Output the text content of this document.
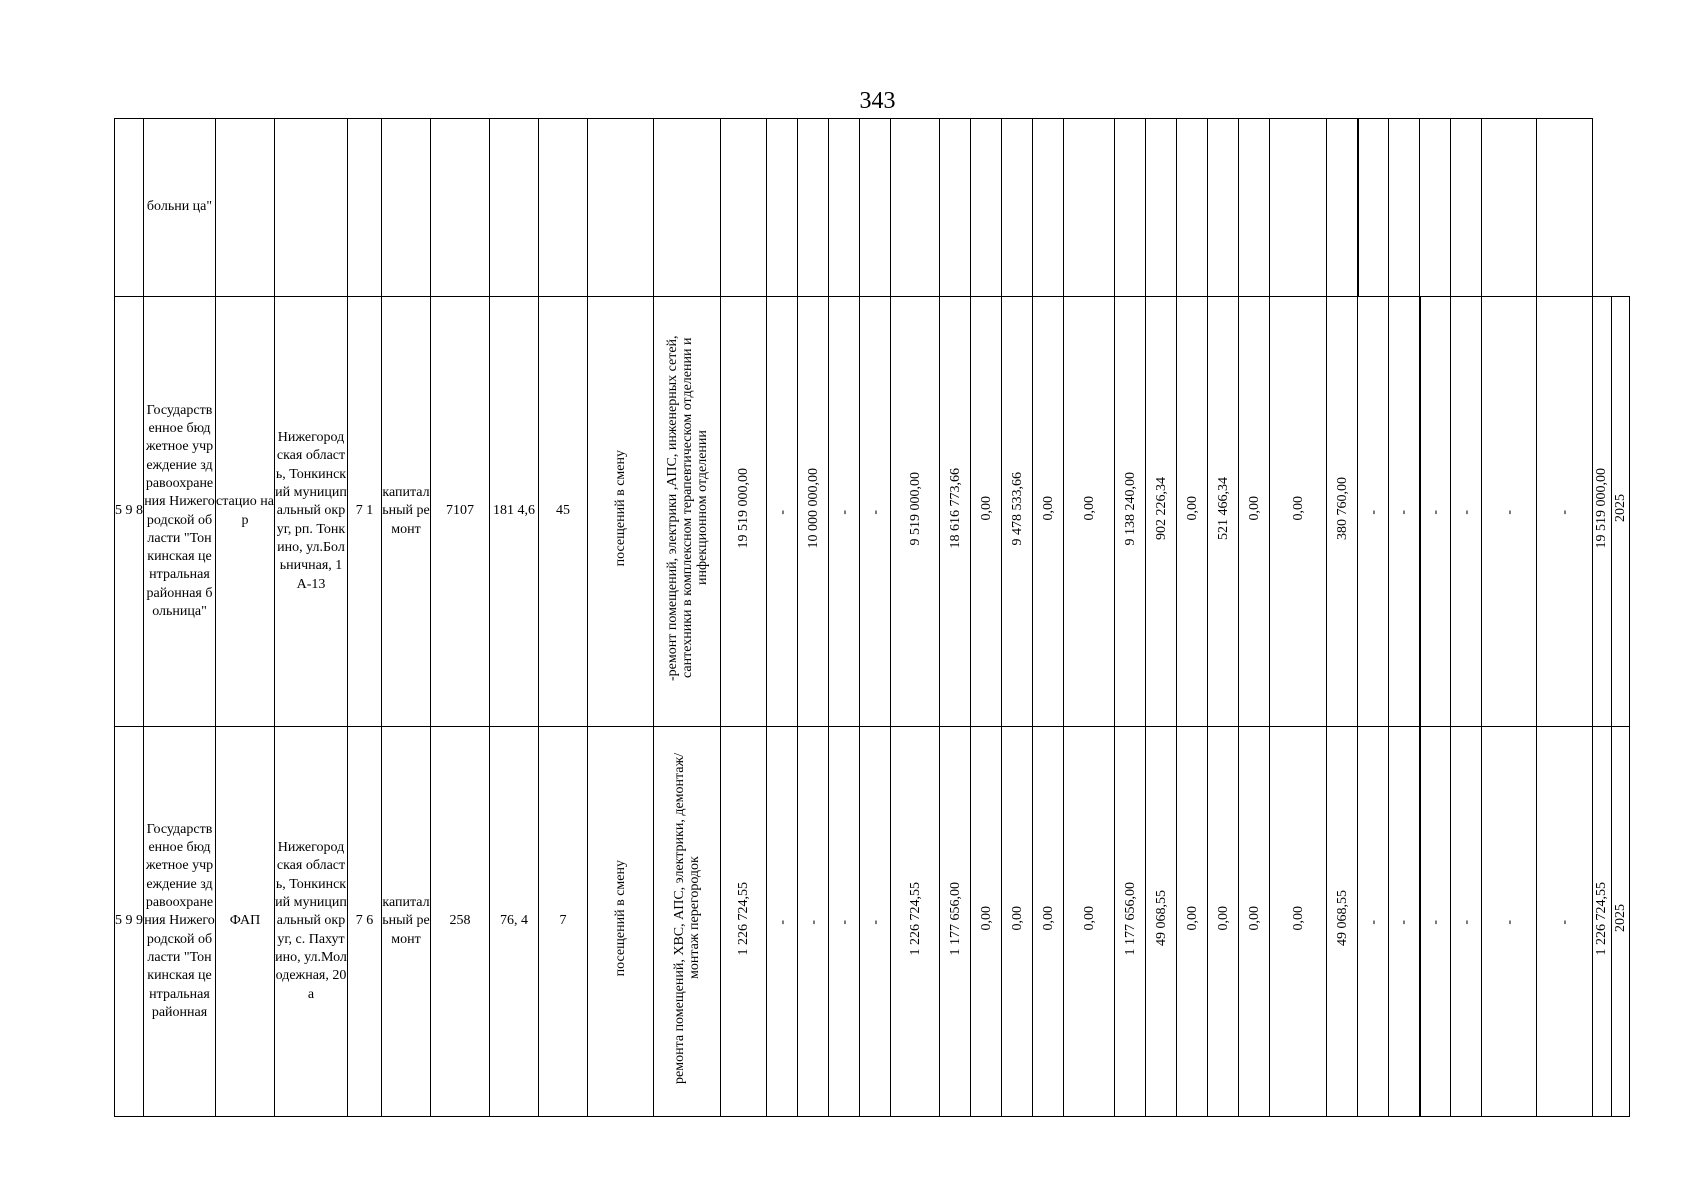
343

	больни ца"																																			

5 9 8	Государственное бюджетное учреждение здравоохранения Нижегородской области "Тонкинская центральная районная больница"	стацио нар	Нижегородская область, Тонкинский муниципальный округ, рп. Тонкино, ул.Больничная, 1А-13	7 1	капитальный ремонт	7107	181 4,6	45	посещений в смену	-ремонт помещений, электрики ,АПС, инженерных сетей, сантехники в комплексном терапевтическом отделении и инфекционном отделении	19 519 000,00	-	10 000 000,00	-	-	9 519 000,00	18 616 773,66	0,00	9 478 533,66	0,00	0,00	9 138 240,00	902 226,34	0,00	521 466,34	0,00	0,00	380 760,00	-	-	-	-	-	-	19 519 000,00	2025

5 9 9	Государственное бюджетное учреждение здравоохранения Нижегородской области "Тонкинская центральная районная	ФАП	Нижегородская область, Тонкинский муниципальный округ, с. Пахутино, ул.Молодежная, 20а	7 6	капитальный ремонт	258	76, 4	7	посещений в смену	ремонта помещений, ХВС, АПС, электрики, демонтаж/монтаж перегородок	1 226 724,55	-	-	-	-	1 226 724,55	1 177 656,00	0,00	0,00	0,00	0,00	1 177 656,00	49 068,55	0,00	0,00	0,00	0,00	49 068,55	-	-	-	-	-	-	1 226 724,55	2025
